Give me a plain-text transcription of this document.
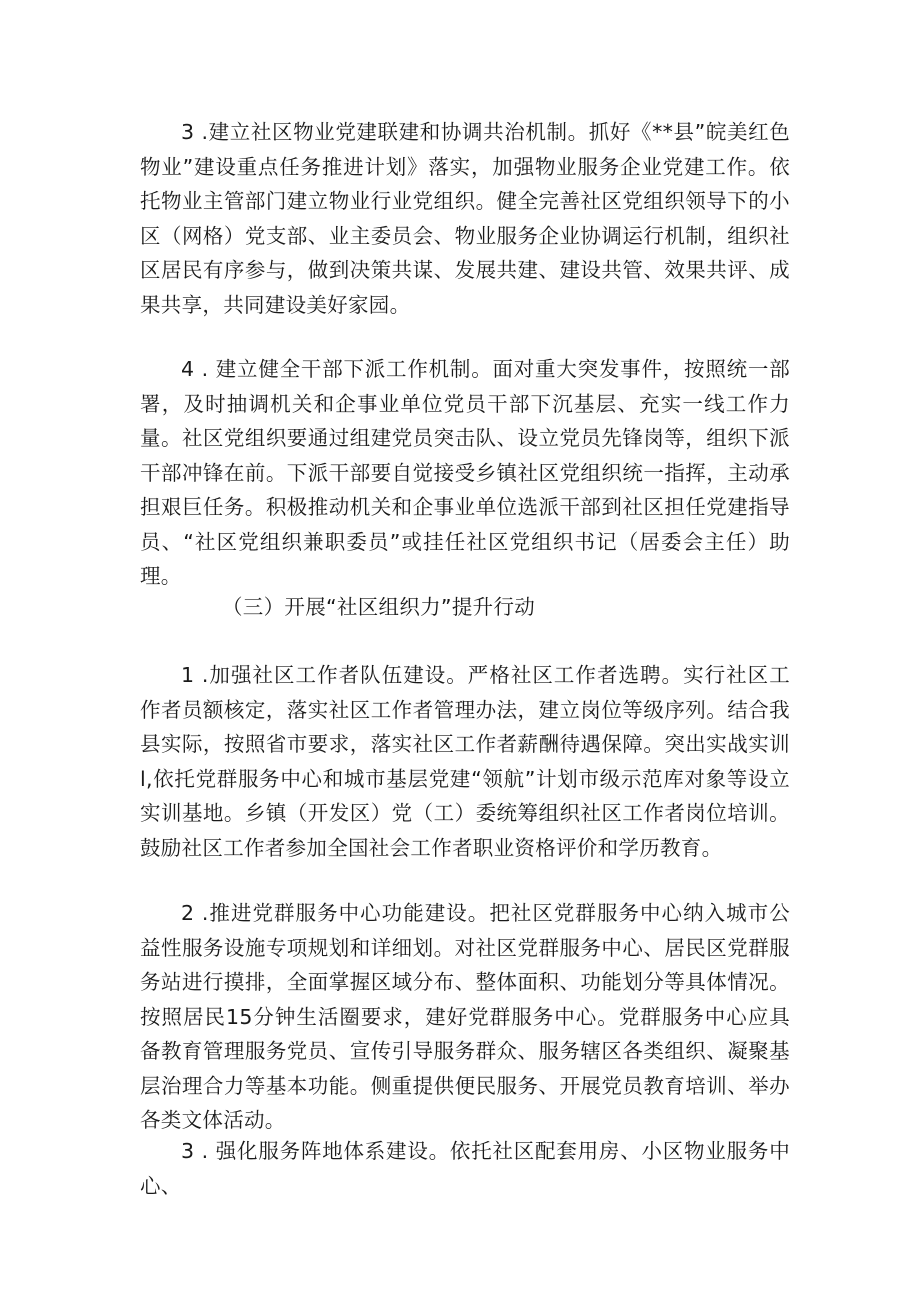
3 .建立社区物业党建联建和协调共治机制。抓好《**县”皖美红色物业”建设重点任务推进计划》落实，加强物业服务企业党建工作。依托物业主管部门建立物业行业党组织。健全完善社区党组织领导下的小区（网格）党支部、业主委员会、物业服务企业协调运行机制，组织社区居民有序参与，做到决策共谋、发展共建、建设共管、效果共评、成果共享，共同建设美好家园。

4 . 建立健全干部下派工作机制。面对重大突发事件，按照统一部署，及时抽调机关和企事业单位党员干部下沉基层、充实一线工作力量。社区党组织要通过组建党员突击队、设立党员先锋岗等，组织下派干部冲锋在前。下派干部要自觉接受乡镇社区党组织统一指挥，主动承担艰巨任务。积极推动机关和企事业单位选派干部到社区担任党建指导员、“社区党组织兼职委员”或挂任社区党组织书记（居委会主任）助理。

（三）开展“社区组织力”提升行动

1 .加强社区工作者队伍建设。严格社区工作者选聘。实行社区工作者员额核定，落实社区工作者管理办法，建立岗位等级序列。结合我县实际，按照省市要求，落实社区工作者薪酬待遇保障。突出实战实训l,依托党群服务中心和城市基层党建“领航”计划市级示范库对象等设立实训基地。乡镇（开发区）党（工）委统筹组织社区工作者岗位培训。鼓励社区工作者参加全国社会工作者职业资格评价和学历教育。

2 .推进党群服务中心功能建设。把社区党群服务中心纳入城市公益性服务设施专项规划和详细划。对社区党群服务中心、居民区党群服务站进行摸排，全面掌握区域分布、整体面积、功能划分等具体情况。按照居民15分钟生活圈要求，建好党群服务中心。党群服务中心应具备教育管理服务党员、宣传引导服务群众、服务辖区各类组织、凝聚基层治理合力等基本功能。侧重提供便民服务、开展党员教育培训、举办各类文体活动。

3 . 强化服务阵地体系建设。依托社区配套用房、小区物业服务中心、
